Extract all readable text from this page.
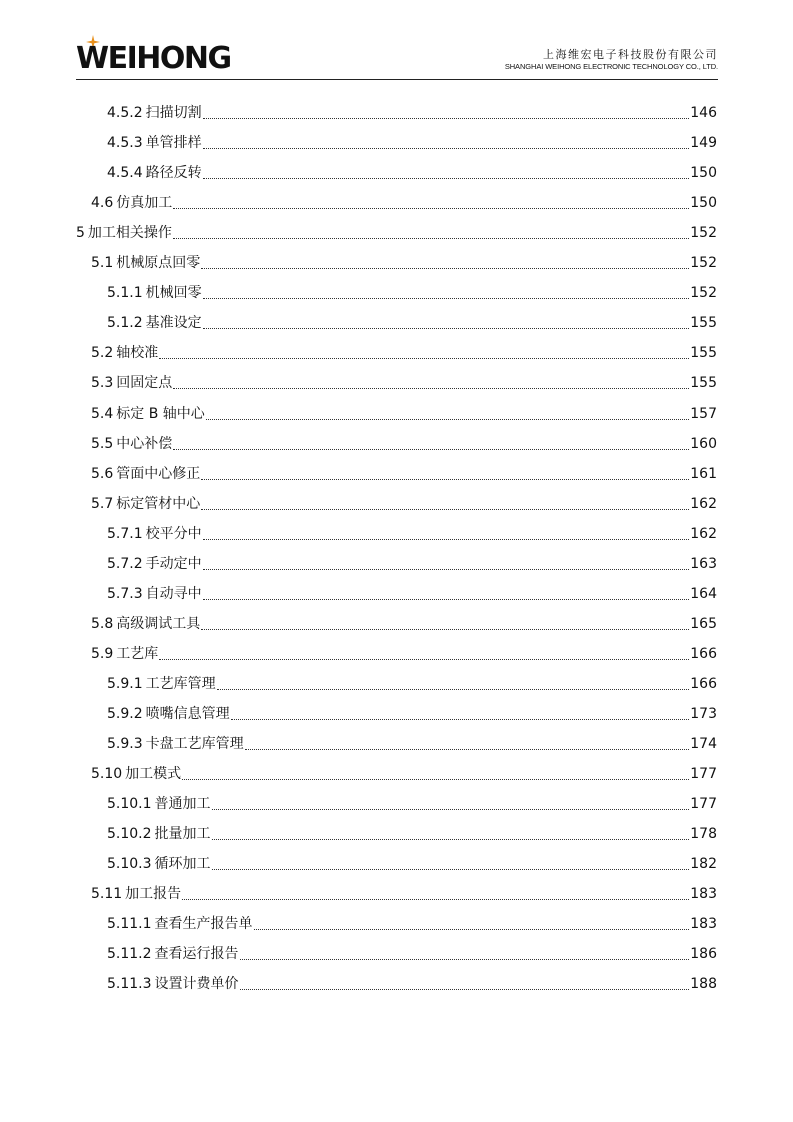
WEIHONG	上海维宏电子科技股份有限公司
SHANGHAI WEIHONG ELECTRONIC TECHNOLOGY CO., LTD.
4.5.2 扫描切割	146
4.5.3 单管排样	149
4.5.4 路径反转	150
4.6 仿真加工	150
5 加工相关操作	152
5.1 机械原点回零	152
5.1.1 机械回零	152
5.1.2 基准设定	155
5.2 轴校准	155
5.3 回固定点	155
5.4 标定 B 轴中心	157
5.5 中心补偿	160
5.6 管面中心修正	161
5.7 标定管材中心	162
5.7.1 校平分中	162
5.7.2 手动定中	163
5.7.3 自动寻中	164
5.8 高级调试工具	165
5.9 工艺库	166
5.9.1 工艺库管理	166
5.9.2 喷嘴信息管理	173
5.9.3 卡盘工艺库管理	174
5.10 加工模式	177
5.10.1 普通加工	177
5.10.2 批量加工	178
5.10.3 循环加工	182
5.11 加工报告	183
5.11.1 查看生产报告单	183
5.11.2 查看运行报告	186
5.11.3 设置计费单价	188
